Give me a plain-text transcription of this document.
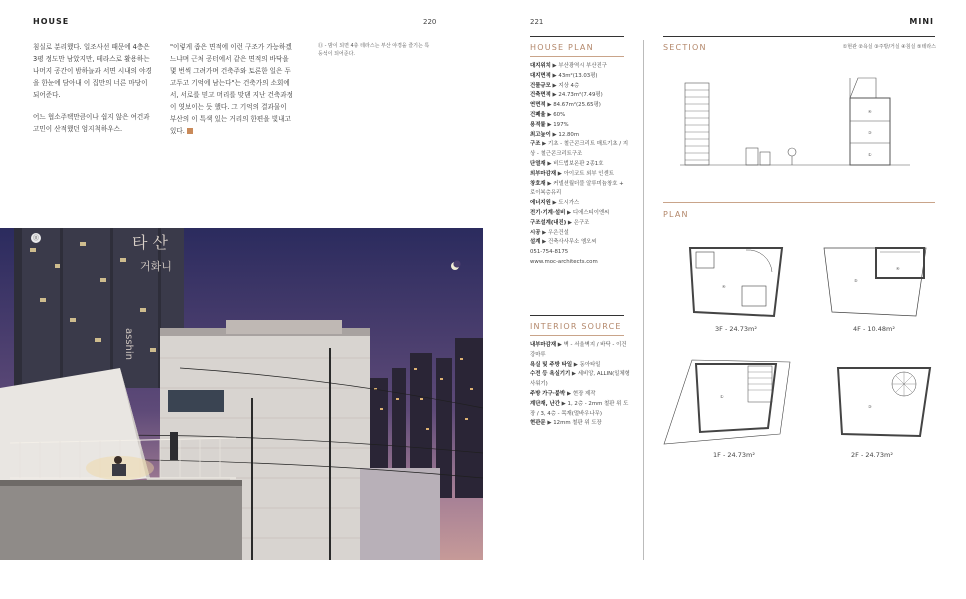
HOUSE	220

침실로 분리했다. 일조사선 때문에 4층은 3평 정도만 남았지만, 테라스로 활용하는 나머지 공간이 밤하늘과 서면 시내의 야경을 한눈에 담아내 이 집만의 너른 마당이 되어준다.

어느 협소주택만큼이나 쉽지 않은 여건과 고민이 산적했던 엄지척하우스.

"이렇게 좁은 면적에 이런 구조가 가능하겠느냐며 근처 공터에서 같은 면적의 바닥을 몇 번씩 그려가며 건축주와 토론한 일은 두고두고 기억에 남는다"는 건축가의 소회에서, 서로를 믿고 머리를 맞댄 지난 건축과정이 엿보이는 듯 했다. 그 기억의 결과물이 부산의 이 특색 있는 거리의 한편을 빛내고 있다.

⑪ - 밤이 되면 4층 테라스는 부산 야경을 즐기는 특등석이 되어준다.
타 산
거화니
asshin
⑪
221	MINI
HOUSE PLAN
대지위치 ▶ 부산광역시 부산진구
대지면적 ▶ 43m²(13.03평)
건물규모 ▶ 지상 4층
건축면적 ▶ 24.73m²(7.49평)
연면적 ▶ 84.67m²(25.65평)
건폐율 ▶ 60%
용적률 ▶ 197%
최고높이 ▶ 12.80m
구조 ▶ 기초 - 철근콘크리트 매트기초 / 지상 - 철근콘크리트구조
단열재 ▶ 비드법보온판 2종1호
외부마감재 ▶ 아이코트 외부 인센트
창호재 ▶ 커넬션월더블 알루미늄창호 + 로이복층유리
에너지원 ▶ 도시가스
전기·기계·설비 ▶ 디에스티이엔씨
구조설계(내진) ▶ 은구조
시공 ▶ 우은건설
설계 ▶ 건축사사무소 엠오씨
051-754-8175
www.moc-architects.com
INTERIOR SOURCE
내부마감재 ▶ 벽 - 서울벽지 / 바닥 - 이건강마루
욕실 및 주방 타일 ▶ 동아타일
수전 등 욕실기기 ▶ 세비앙, ALLIN(일체형 사워기)
주방 가구·붙박 ▶ 현장 제작
계단재, 난간 ▶ 1, 2층 - 2mm 철판 위 도장 / 3, 4층 - 목재(멀바우나무)
현관문 ▶ 12mm 철판 위 도장
SECTION	①현관 ②욕실 ③주방/거실 ④침실 ⑤테라스
④
③
①
PLAN
④
3F - 24.73m²
⑤
④
4F - 10.48m²
①
1F - 24.73m²
③
2F - 24.73m²
